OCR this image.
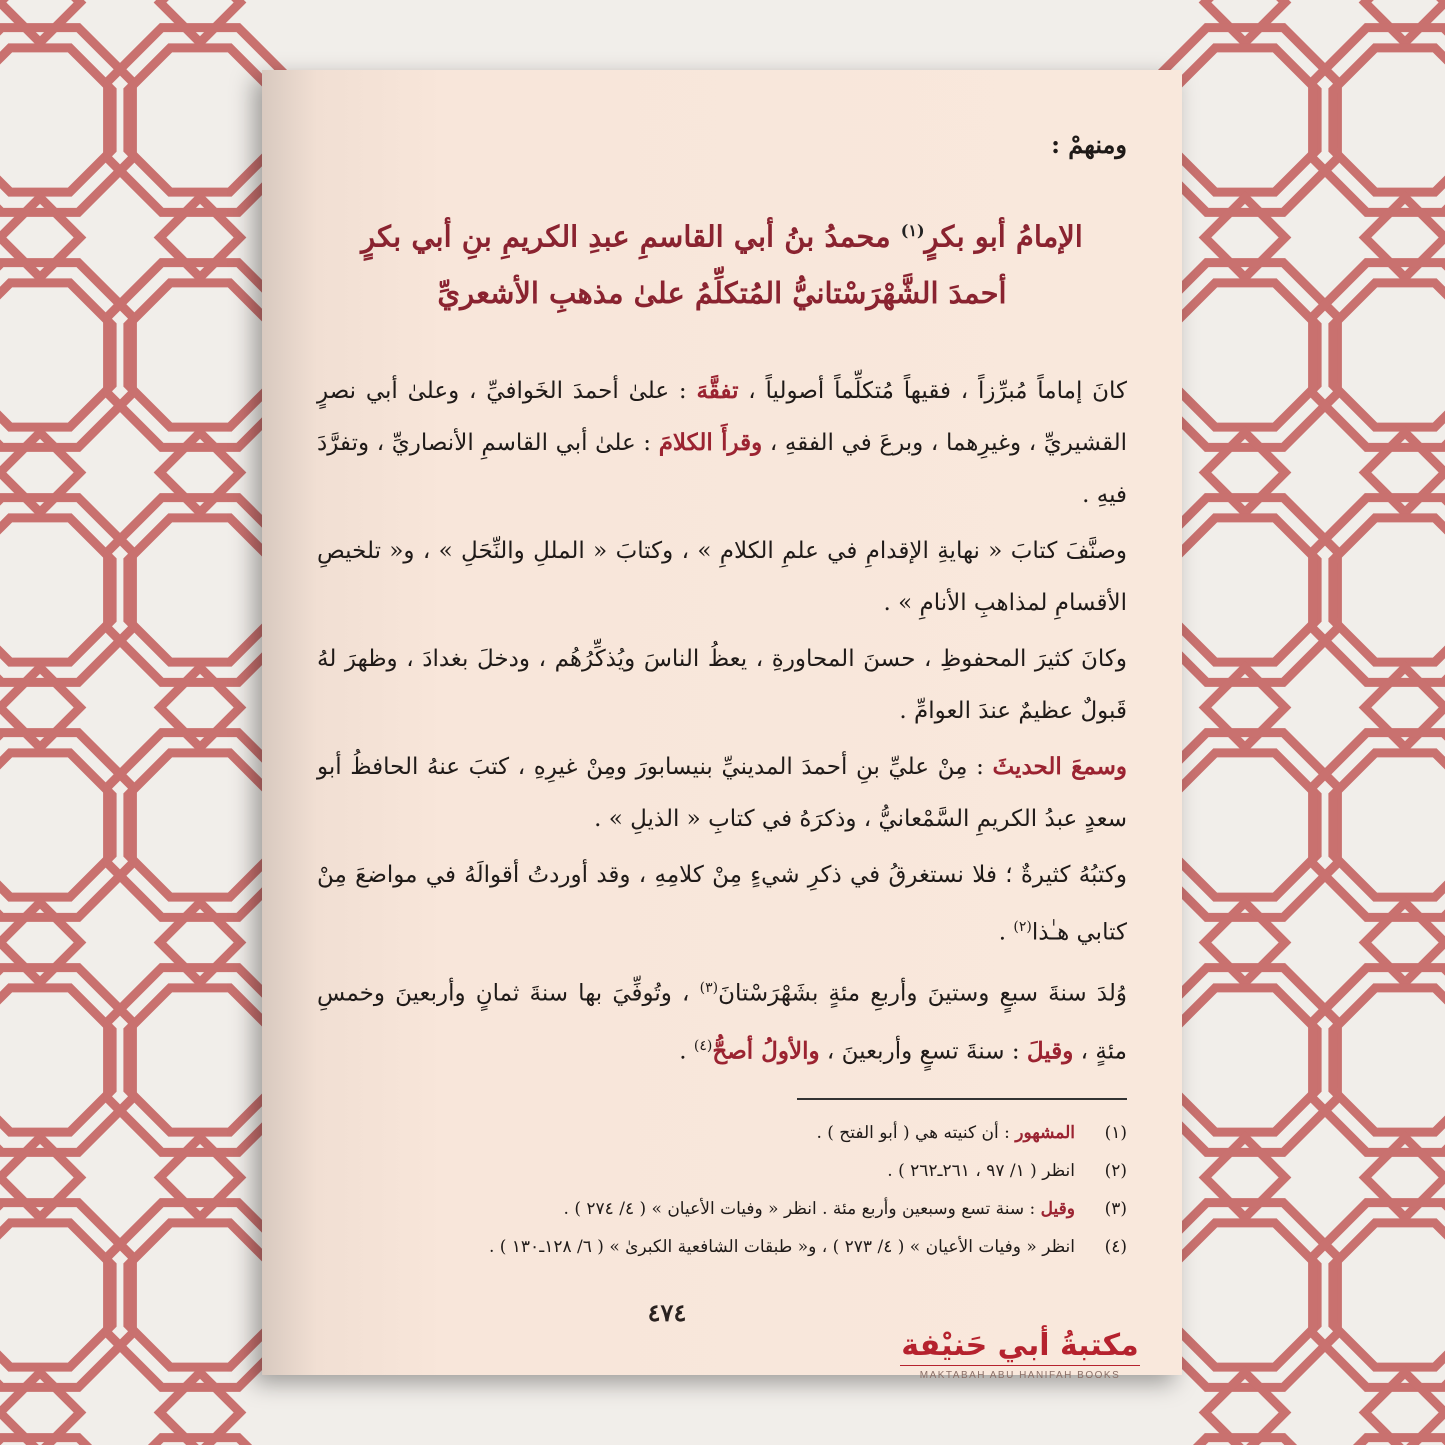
ومنهمْ :
الإمامُ أبو بكرٍ$^{(١)}$ محمدُ بنُ أبي القاسمِ عبدِ الكريمِ بنِ أبي بكرٍ
أحمدَ الشَّهْرَسْتانيُّ المُتكلِّمُ علىٰ مذهبِ الأشعريِّ

كانَ إماماً مُبرِّزاً ، فقيهاً مُتكلِّماً أصولياً ، تفقَّهَ : علىٰ أحمدَ الخَوافيِّ ، وعلىٰ أبي نصرٍ القشيريِّ ، وغيرِهما ، وبرعَ في الفقهِ ، وقرأَ الكلامَ : علىٰ أبي القاسمِ الأنصاريِّ ، وتفرَّدَ فيهِ .

وصنَّفَ كتابَ « نهايةِ الإقدامِ في علمِ الكلامِ » ، وكتابَ « المللِ والنِّحَلِ » ، و« تلخيصِ الأقسامِ لمذاهبِ الأنامِ » .

وكانَ كثيرَ المحفوظِ ، حسنَ المحاورةِ ، يعظُ الناسَ ويُذكِّرُهُم ، ودخلَ بغدادَ ، وظهرَ لهُ قَبولٌ عظيمٌ عندَ العوامِّ .

وسمعَ الحديثَ : مِنْ عليِّ بنِ أحمدَ المدينيِّ بنيسابورَ ومِنْ غيرِهِ ، كتبَ عنهُ الحافظُ أبو سعدٍ عبدُ الكريمِ السَّمْعانيُّ ، وذكرَهُ في كتابِ « الذيلِ » .

وكتبُهُ كثيرةٌ ؛ فلا نستغرقُ في ذكرِ شيءٍ مِنْ كلامِهِ ، وقد أوردتُ أقوالَهُ في مواضعَ مِنْ كتابي هـٰذا$^{(٢)}$ .

وُلدَ سنةَ سبعٍ وستينَ وأربعِ مئةٍ بشَهْرَسْتانَ$^{(٣)}$ ، وتُوفِّيَ بها سنةَ ثمانٍ وأربعينَ وخمسِ مئةٍ ، وقيلَ : سنةَ تسعٍ وأربعينَ ، والأولُ أصحُّ$^{(٤)}$ .

(١)
المشهور : أن كنيته هي ( أبو الفتح ) .
(٢)
انظر ( ١/ ٩٧ ، ٢٦١ـ٢٦٢ ) .
(٣)
وقيل : سنة تسع وسبعين وأربع مئة . انظر « وفيات الأعيان » ( ٤/ ٢٧٤ ) .
(٤)
انظر « وفيات الأعيان » ( ٤/ ٢٧٣ ) ، و« طبقات الشافعية الكبرىٰ » ( ٦/ ١٢٨ـ١٣٠ ) .
٤٧٤
مكتبةُ أبي حَنيْفة
MAKTABAH ABU HANIFAH BOOKS
